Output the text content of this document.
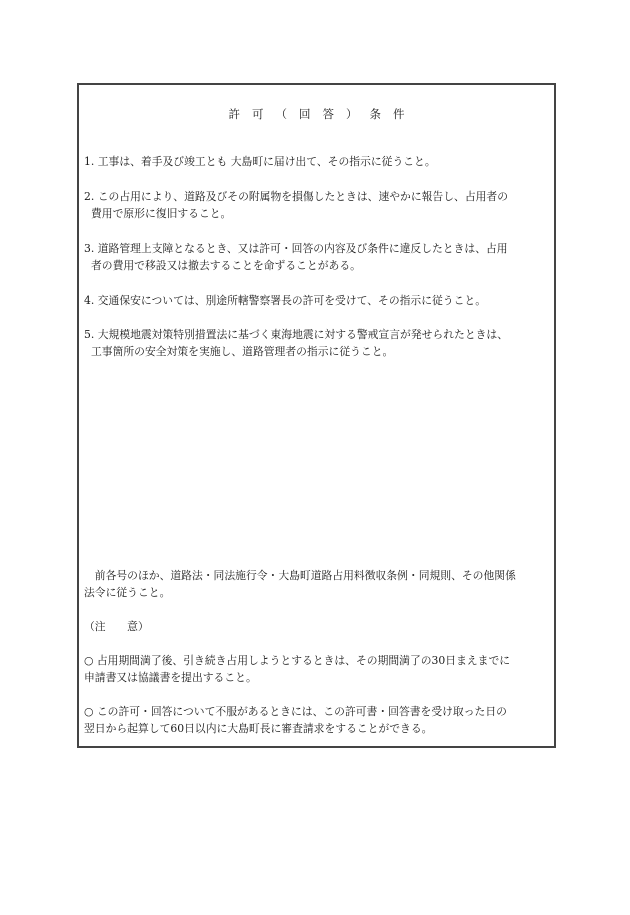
許 可 （ 回 答 ） 条 件

1. 工事は、着手及び竣工とも 大島町に届け出て、その指示に従うこと。

2. この占用により、道路及びその附属物を損傷したときは、速やかに報告し、占用者の
費用で原形に復旧すること。

3. 道路管理上支障となるとき、又は許可・回答の内容及び条件に違反したときは、占用
者の費用で移設又は撤去することを命ずることがある。

4. 交通保安については、別途所轄警察署長の許可を受けて、その指示に従うこと。

5. 大規模地震対策特別措置法に基づく東海地震に対する警戒宣言が発せられたときは、
工事箇所の安全対策を実施し、道路管理者の指示に従うこと。

　前各号のほか、道路法・同法施行令・大島町道路占用料徴収条例・同規則、その他関係
法令に従うこと。

（注　　意）

○ 占用期間満了後、引き続き占用しようとするときは、その期間満了の30日まえまでに
申請書又は協議書を提出すること。

○ この許可・回答について不服があるときには、この許可書・回答書を受け取った日の
翌日から起算して60日以内に大島町長に審査請求をすることができる。
